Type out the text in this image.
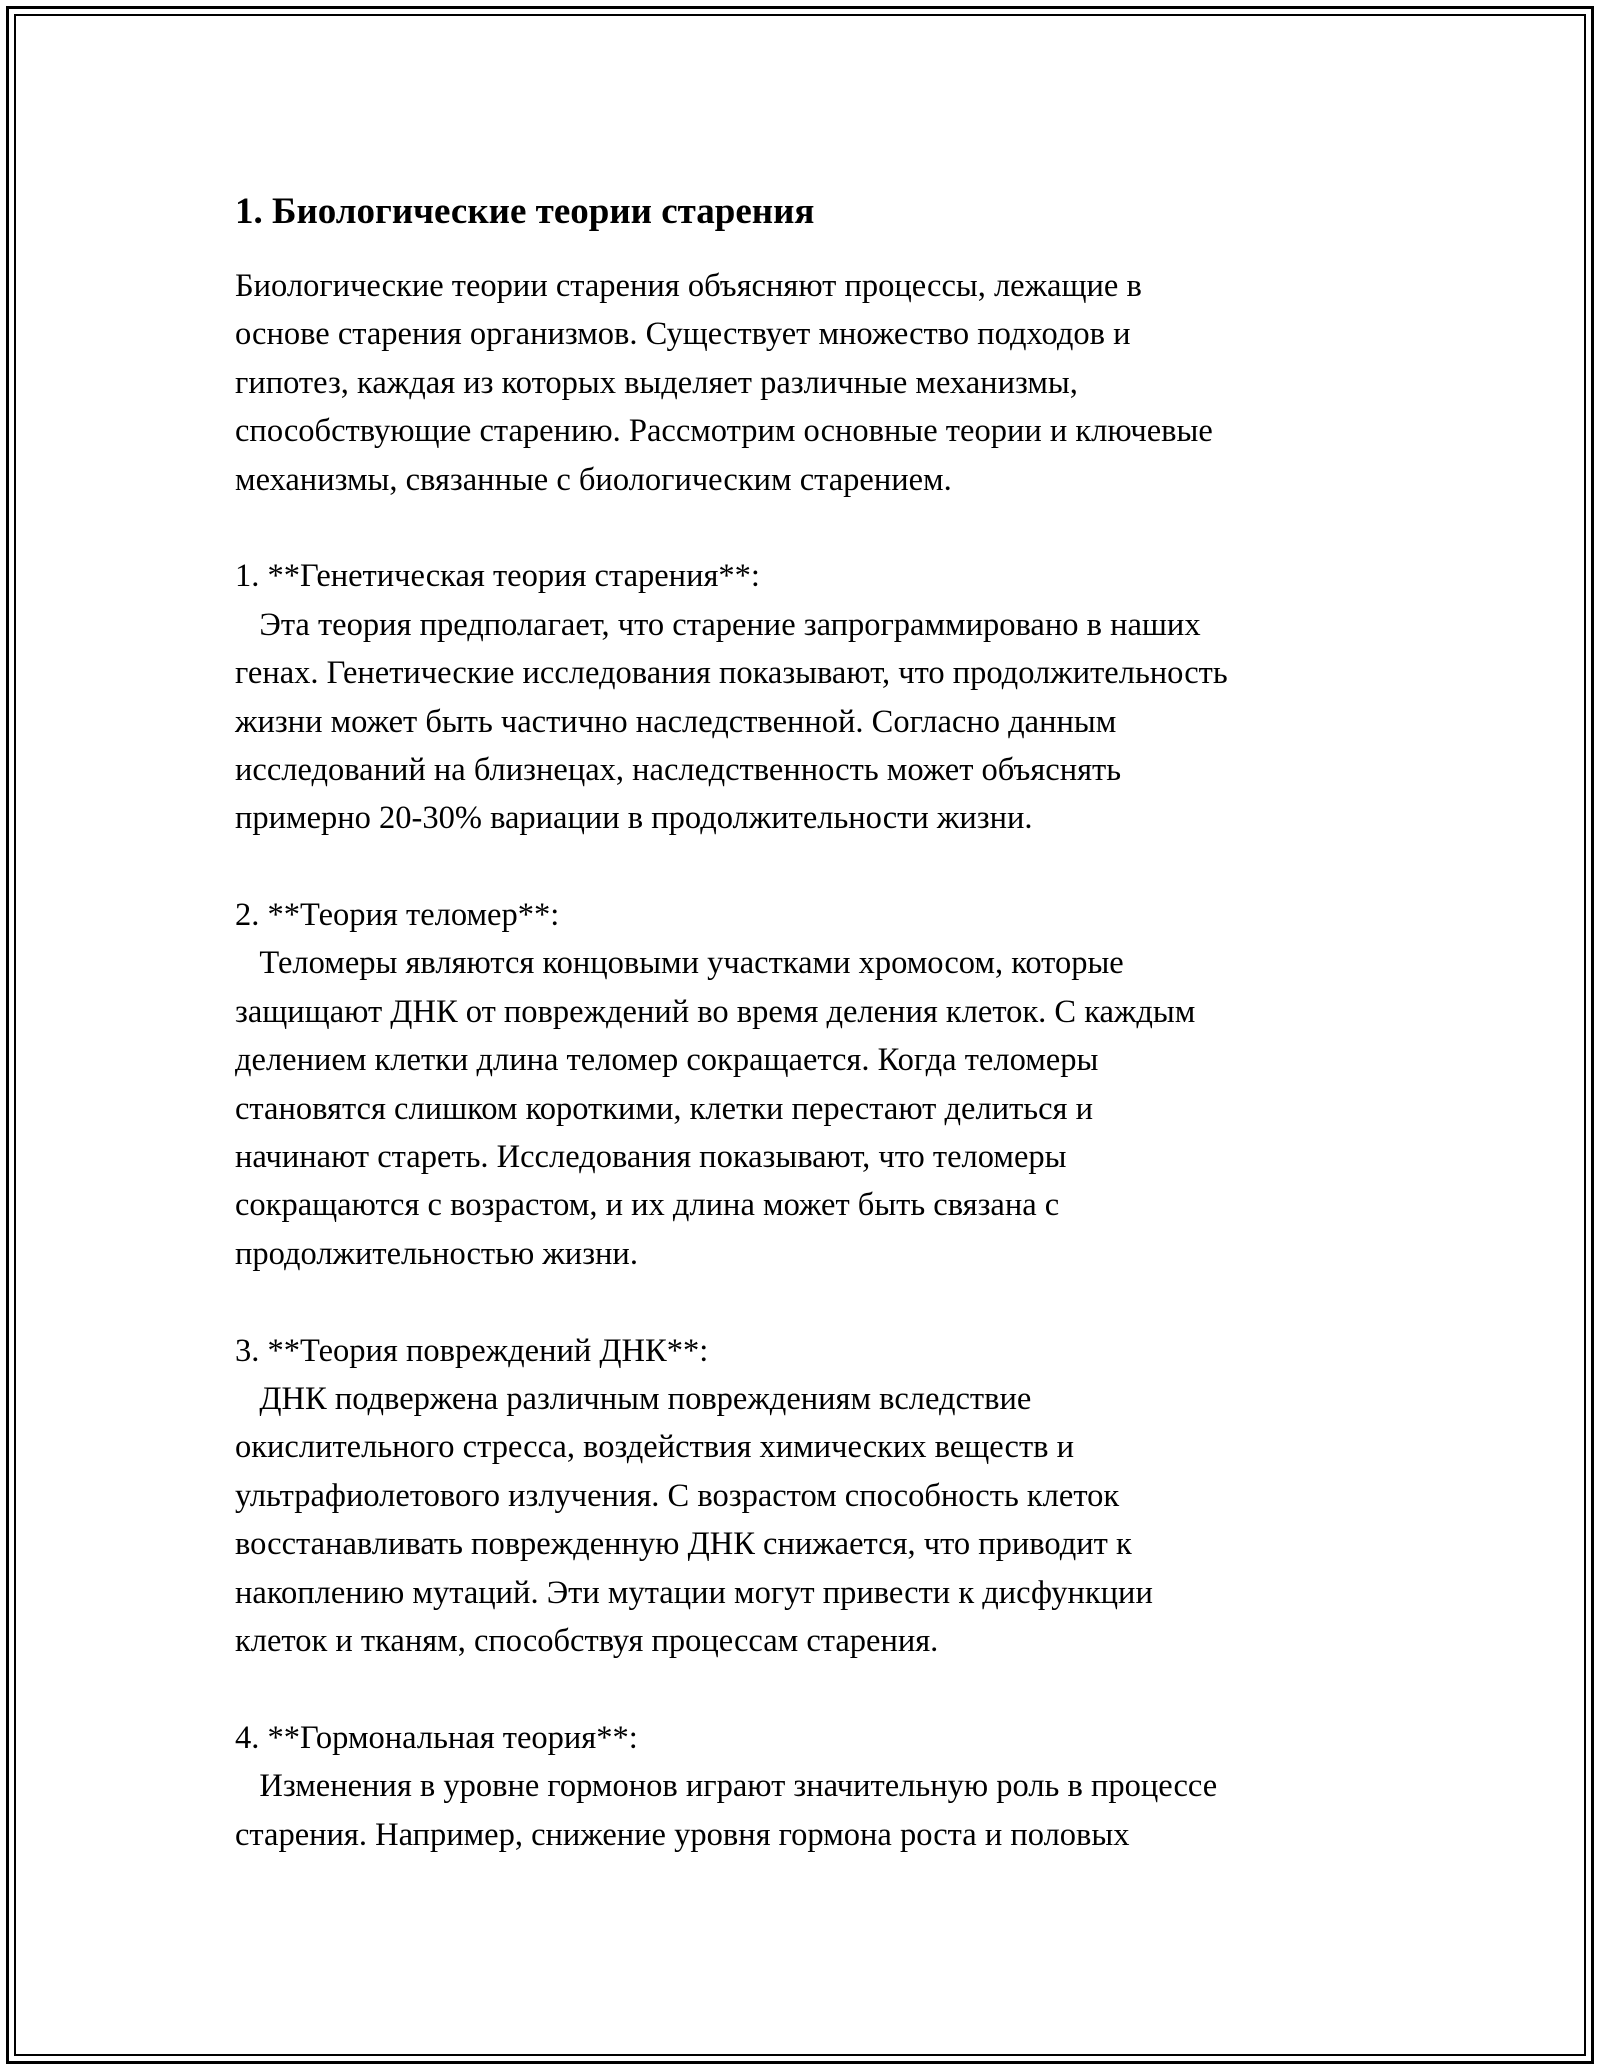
1. Биологические теории старения

Биологические теории старения объясняют процессы, лежащие в

основе старения организмов. Существует множество подходов и

гипотез, каждая из которых выделяет различные механизмы,

способствующие старению. Рассмотрим основные теории и ключевые

механизмы, связанные с биологическим старением.

1. **Генетическая теория старения**:

Эта теория предполагает, что старение запрограммировано в наших

генах. Генетические исследования показывают, что продолжительность

жизни может быть частично наследственной. Согласно данным

исследований на близнецах, наследственность может объяснять

примерно 20-30% вариации в продолжительности жизни.

2. **Теория теломер**:

Теломеры являются концовыми участками хромосом, которые

защищают ДНК от повреждений во время деления клеток. С каждым

делением клетки длина теломер сокращается. Когда теломеры

становятся слишком короткими, клетки перестают делиться и

начинают стареть. Исследования показывают, что теломеры

сокращаются с возрастом, и их длина может быть связана с

продолжительностью жизни.

3. **Теория повреждений ДНК**:

ДНК подвержена различным повреждениям вследствие

окислительного стресса, воздействия химических веществ и

ультрафиолетового излучения. С возрастом способность клеток

восстанавливать поврежденную ДНК снижается, что приводит к

накоплению мутаций. Эти мутации могут привести к дисфункции

клеток и тканям, способствуя процессам старения.

4. **Гормональная теория**:

Изменения в уровне гормонов играют значительную роль в процессе

старения. Например, снижение уровня гормона роста и половых
